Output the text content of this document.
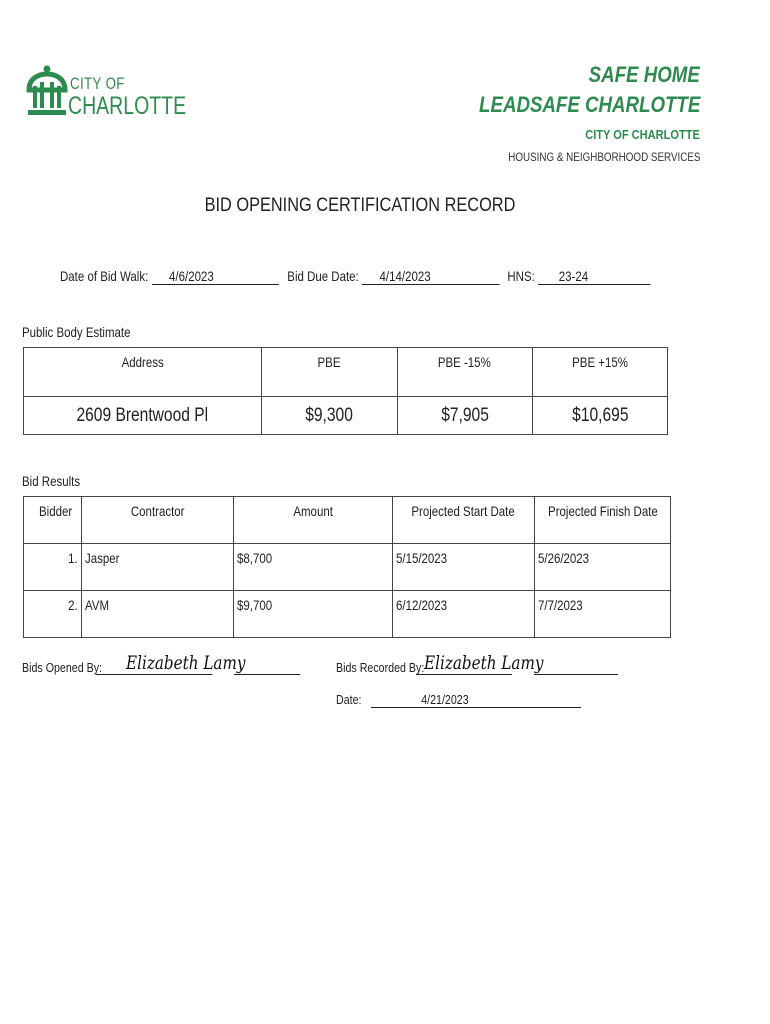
CITY OF
CHARLOTTE
SAFE HOME
LEADSAFE CHARLOTTE
CITY OF CHARLOTTE
HOUSING & NEIGHBORHOOD SERVICES
BID OPENING CERTIFICATION RECORD
Date of Bid Walk: 4/6/2023	Bid Due Date: 4/14/2023	HNS: 23-24
Public Body Estimate
Address	PBE	PBE -15%	PBE +15%
2609 Brentwood Pl	$9,300	$7,905	$10,695
Bid Results
Bidder	Contractor	Amount	Projected Start Date	Projected Finish Date
1.	Jasper	$8,700	5/15/2023	5/26/2023
2.	AVM	$9,700	6/12/2023	7/7/2023
Bids Opened By: Elizabeth Lamy	Bids Recorded By: Elizabeth Lamy
Date:	4/21/2023
